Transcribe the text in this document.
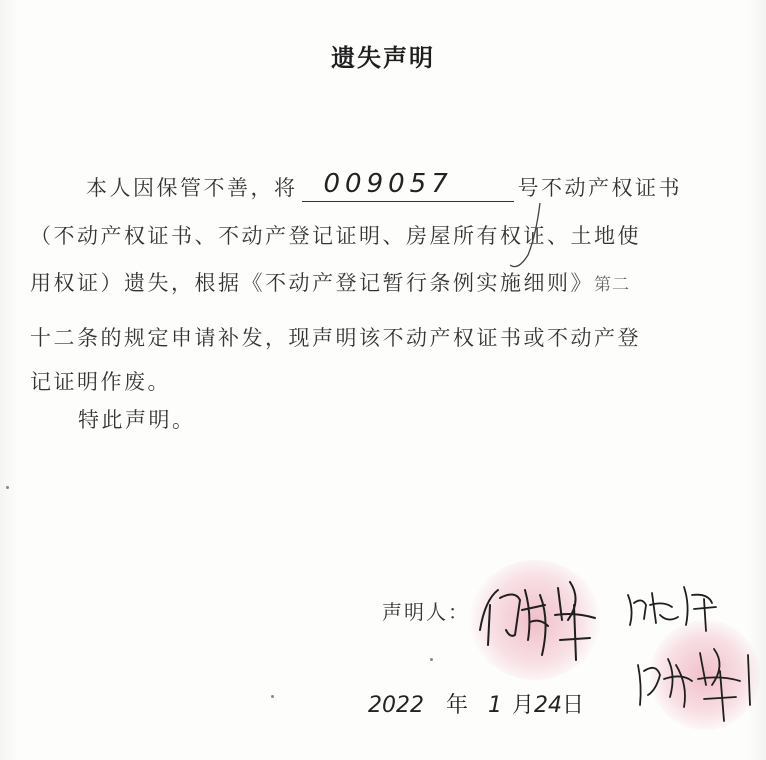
遗失声明
本人因保管不善，将 009057	号不动产权证书
（不动产权证书、不动产登记证明、房屋所有权证、土地使
用权证）遗失，根据《不动产登记暂行条例实施细则》第二
十二条的规定申请补发，现声明该不动产权证书或不动产登
记证明作废。
特此声明。
声明人：
2022 年 1 月24日
